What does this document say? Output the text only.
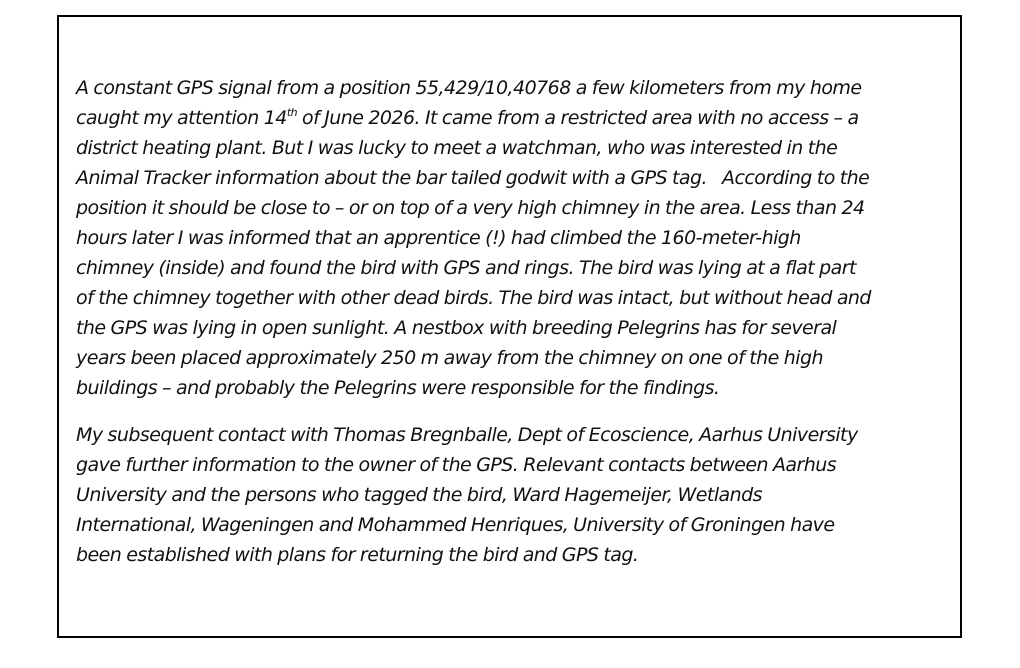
A constant GPS signal from a position 55,429/10,40768 a few kilometers from my home
caught my attention 14th of June 2026. It came from a restricted area with no access – a
district heating plant. But I was lucky to meet a watchman, who was interested in the
Animal Tracker information about the bar tailed godwit with a GPS tag.   According to the
position it should be close to – or on top of a very high chimney in the area. Less than 24
hours later I was informed that an apprentice (!) had climbed the 160-meter-high
chimney (inside) and found the bird with GPS and rings. The bird was lying at a flat part
of the chimney together with other dead birds. The bird was intact, but without head and
the GPS was lying in open sunlight. A nestbox with breeding Pelegrins has for several
years been placed approximately 250 m away from the chimney on one of the high
buildings – and probably the Pelegrins were responsible for the findings.

My subsequent contact with Thomas Bregnballe, Dept of Ecoscience, Aarhus University
gave further information to the owner of the GPS. Relevant contacts between Aarhus
University and the persons who tagged the bird, Ward Hagemeijer, Wetlands
International, Wageningen and Mohammed Henriques, University of Groningen have
been established with plans for returning the bird and GPS tag.
